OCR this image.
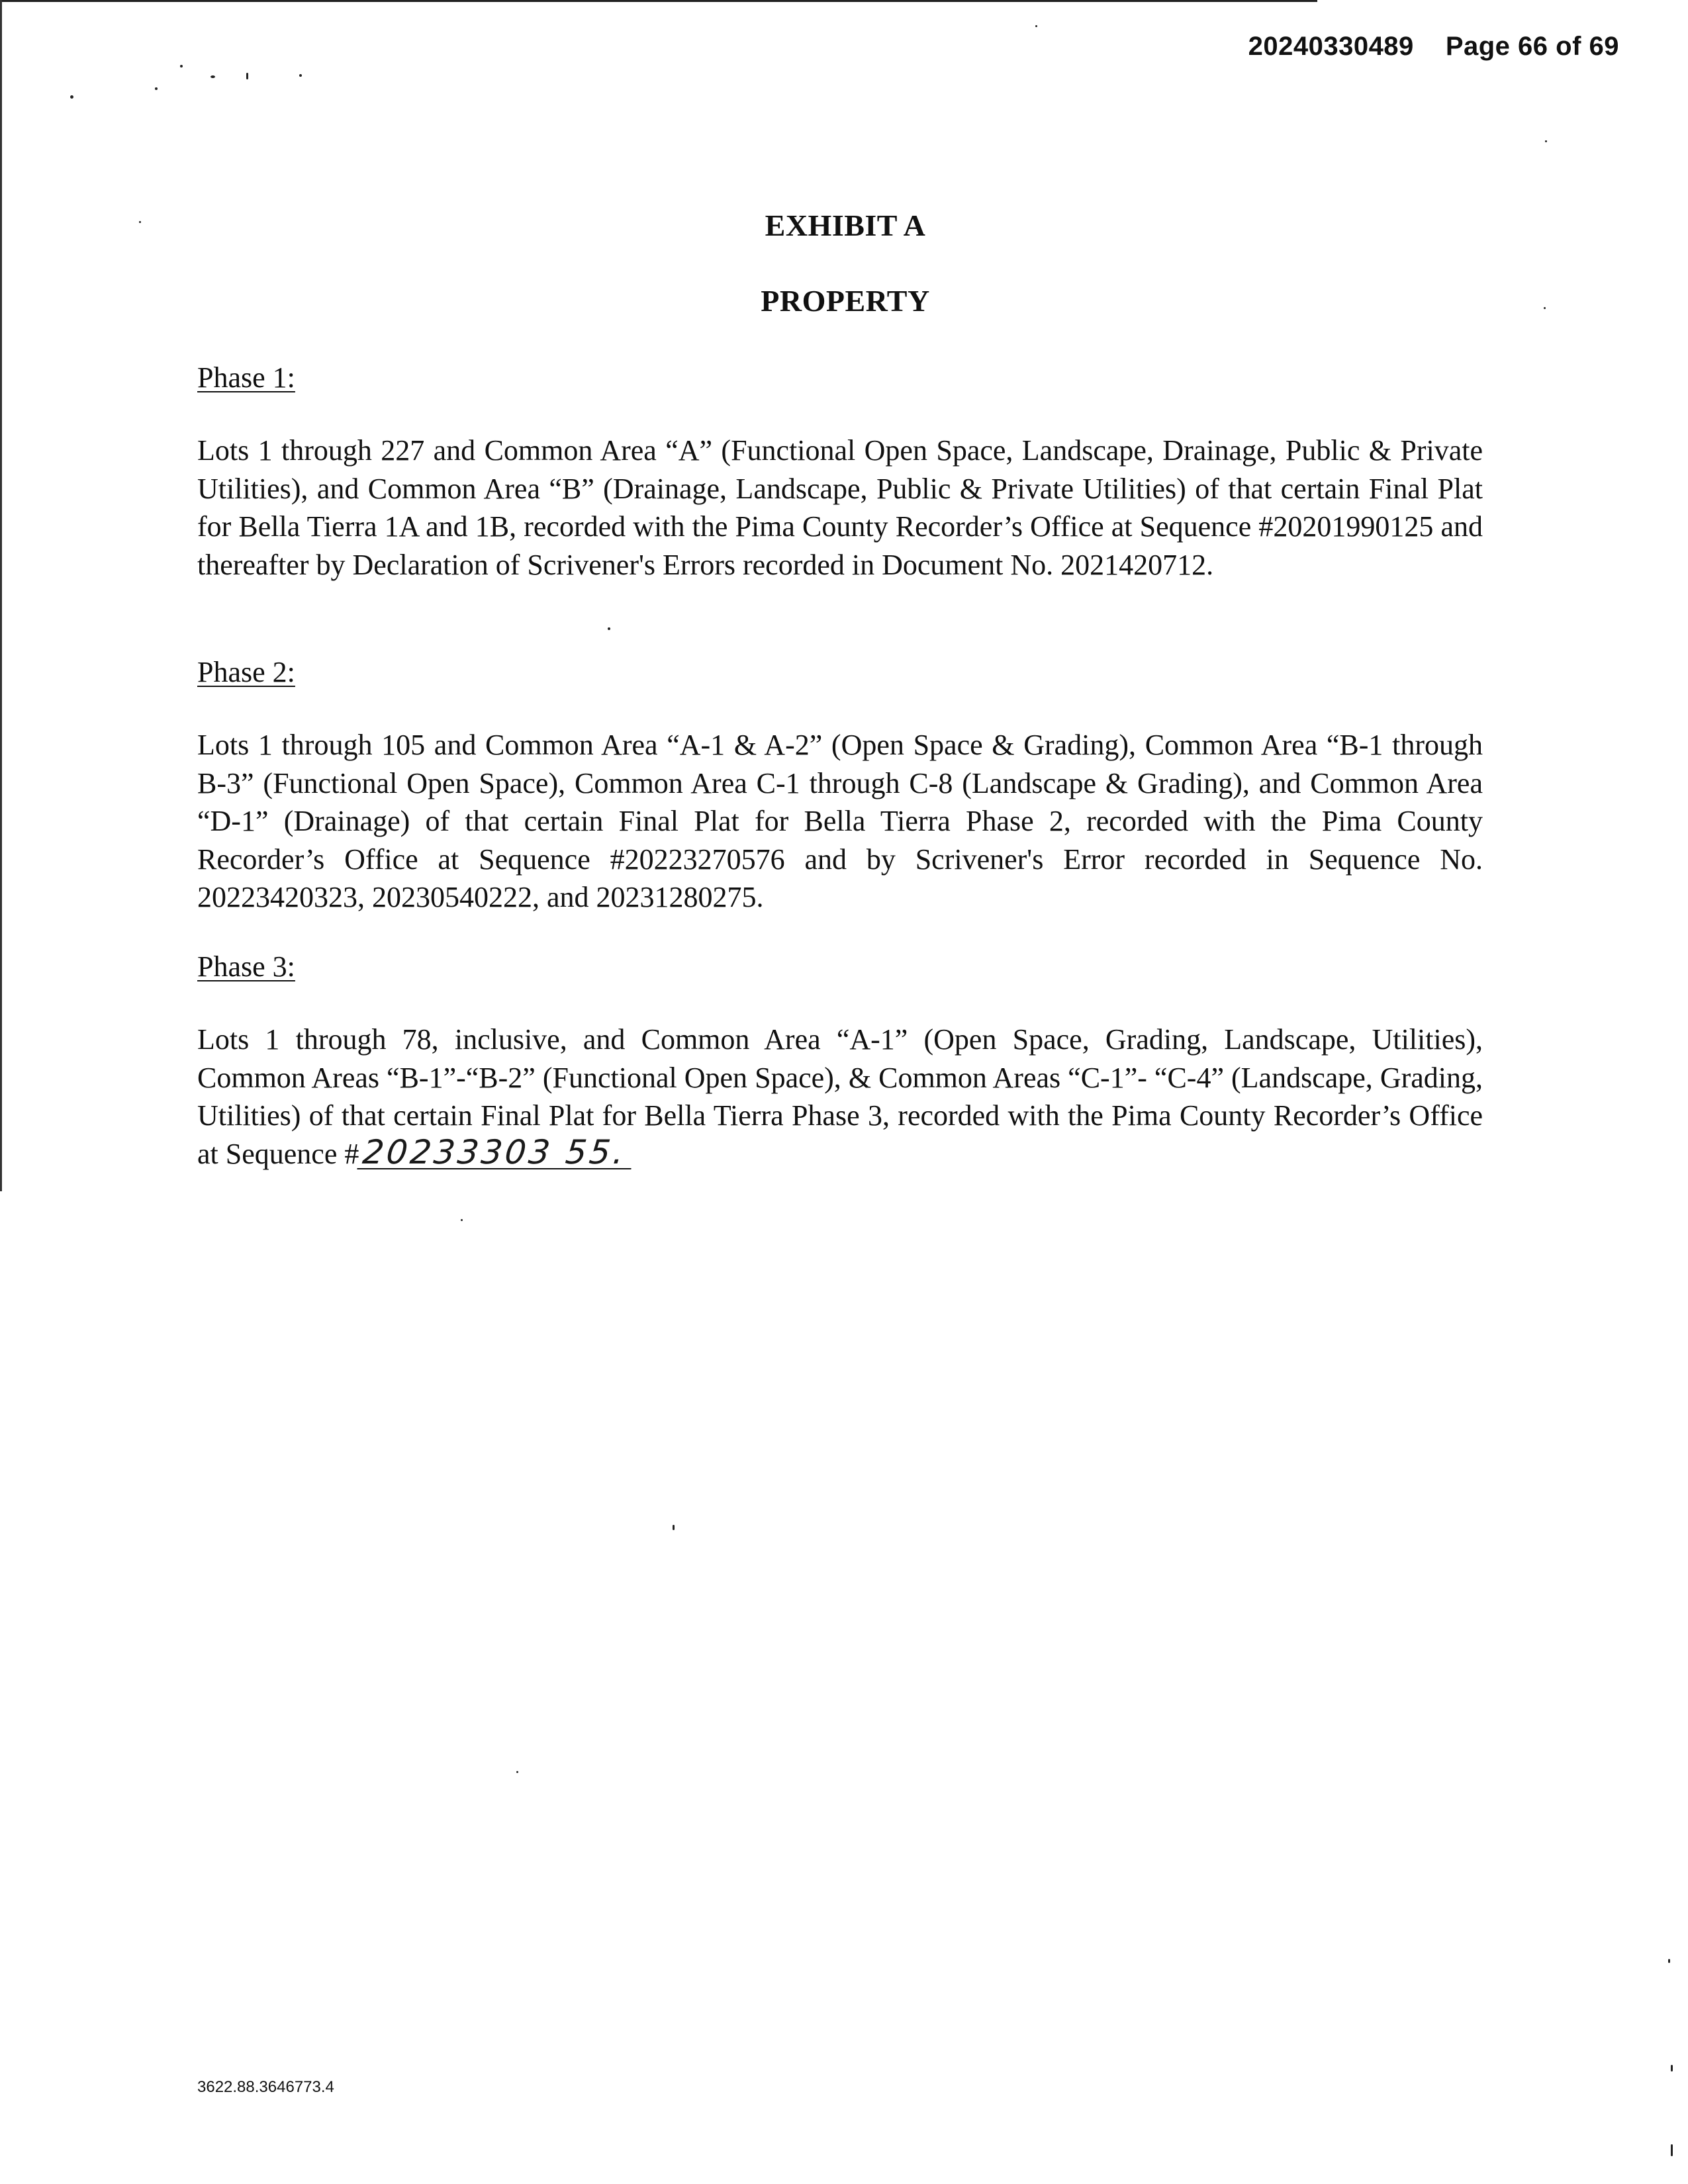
20240330489 Page 66 of 69
EXHIBIT A
PROPERTY
Phase 1:

Lots 1 through 227 and Common Area “A” (Functional Open Space, Landscape, Drainage, Public & Private Utilities), and Common Area “B” (Drainage, Landscape, Public & Private Utilities) of that certain Final Plat for Bella Tierra 1A and 1B, recorded with the Pima County Recorder’s Office at Sequence #20201990125 and thereafter by Declaration of Scrivener's Errors recorded in Document No. 2021420712.

Phase 2:

Lots 1 through 105 and Common Area “A-1 & A-2” (Open Space & Grading), Common Area “B-1 through B-3” (Functional Open Space), Common Area C-1 through C-8 (Landscape & Grading), and Common Area “D-1” (Drainage) of that certain Final Plat for Bella Tierra Phase 2, recorded with the Pima County Recorder’s Office at Sequence #20223270576 and by Scrivener's Error recorded in Sequence No. 20223420323, 20230540222, and 20231280275.

Phase 3:

Lots 1 through 78, inclusive, and Common Area “A-1” (Open Space, Grading, Landscape, Utilities), Common Areas “B-1”-“B-2” (Functional Open Space), & Common Areas “C-1”- “C-4” (Landscape, Grading, Utilities) of that certain Final Plat for Bella Tierra Phase 3, recorded with the Pima County Recorder’s Office at Sequence #20233303 55.

3622.88.3646773.4
